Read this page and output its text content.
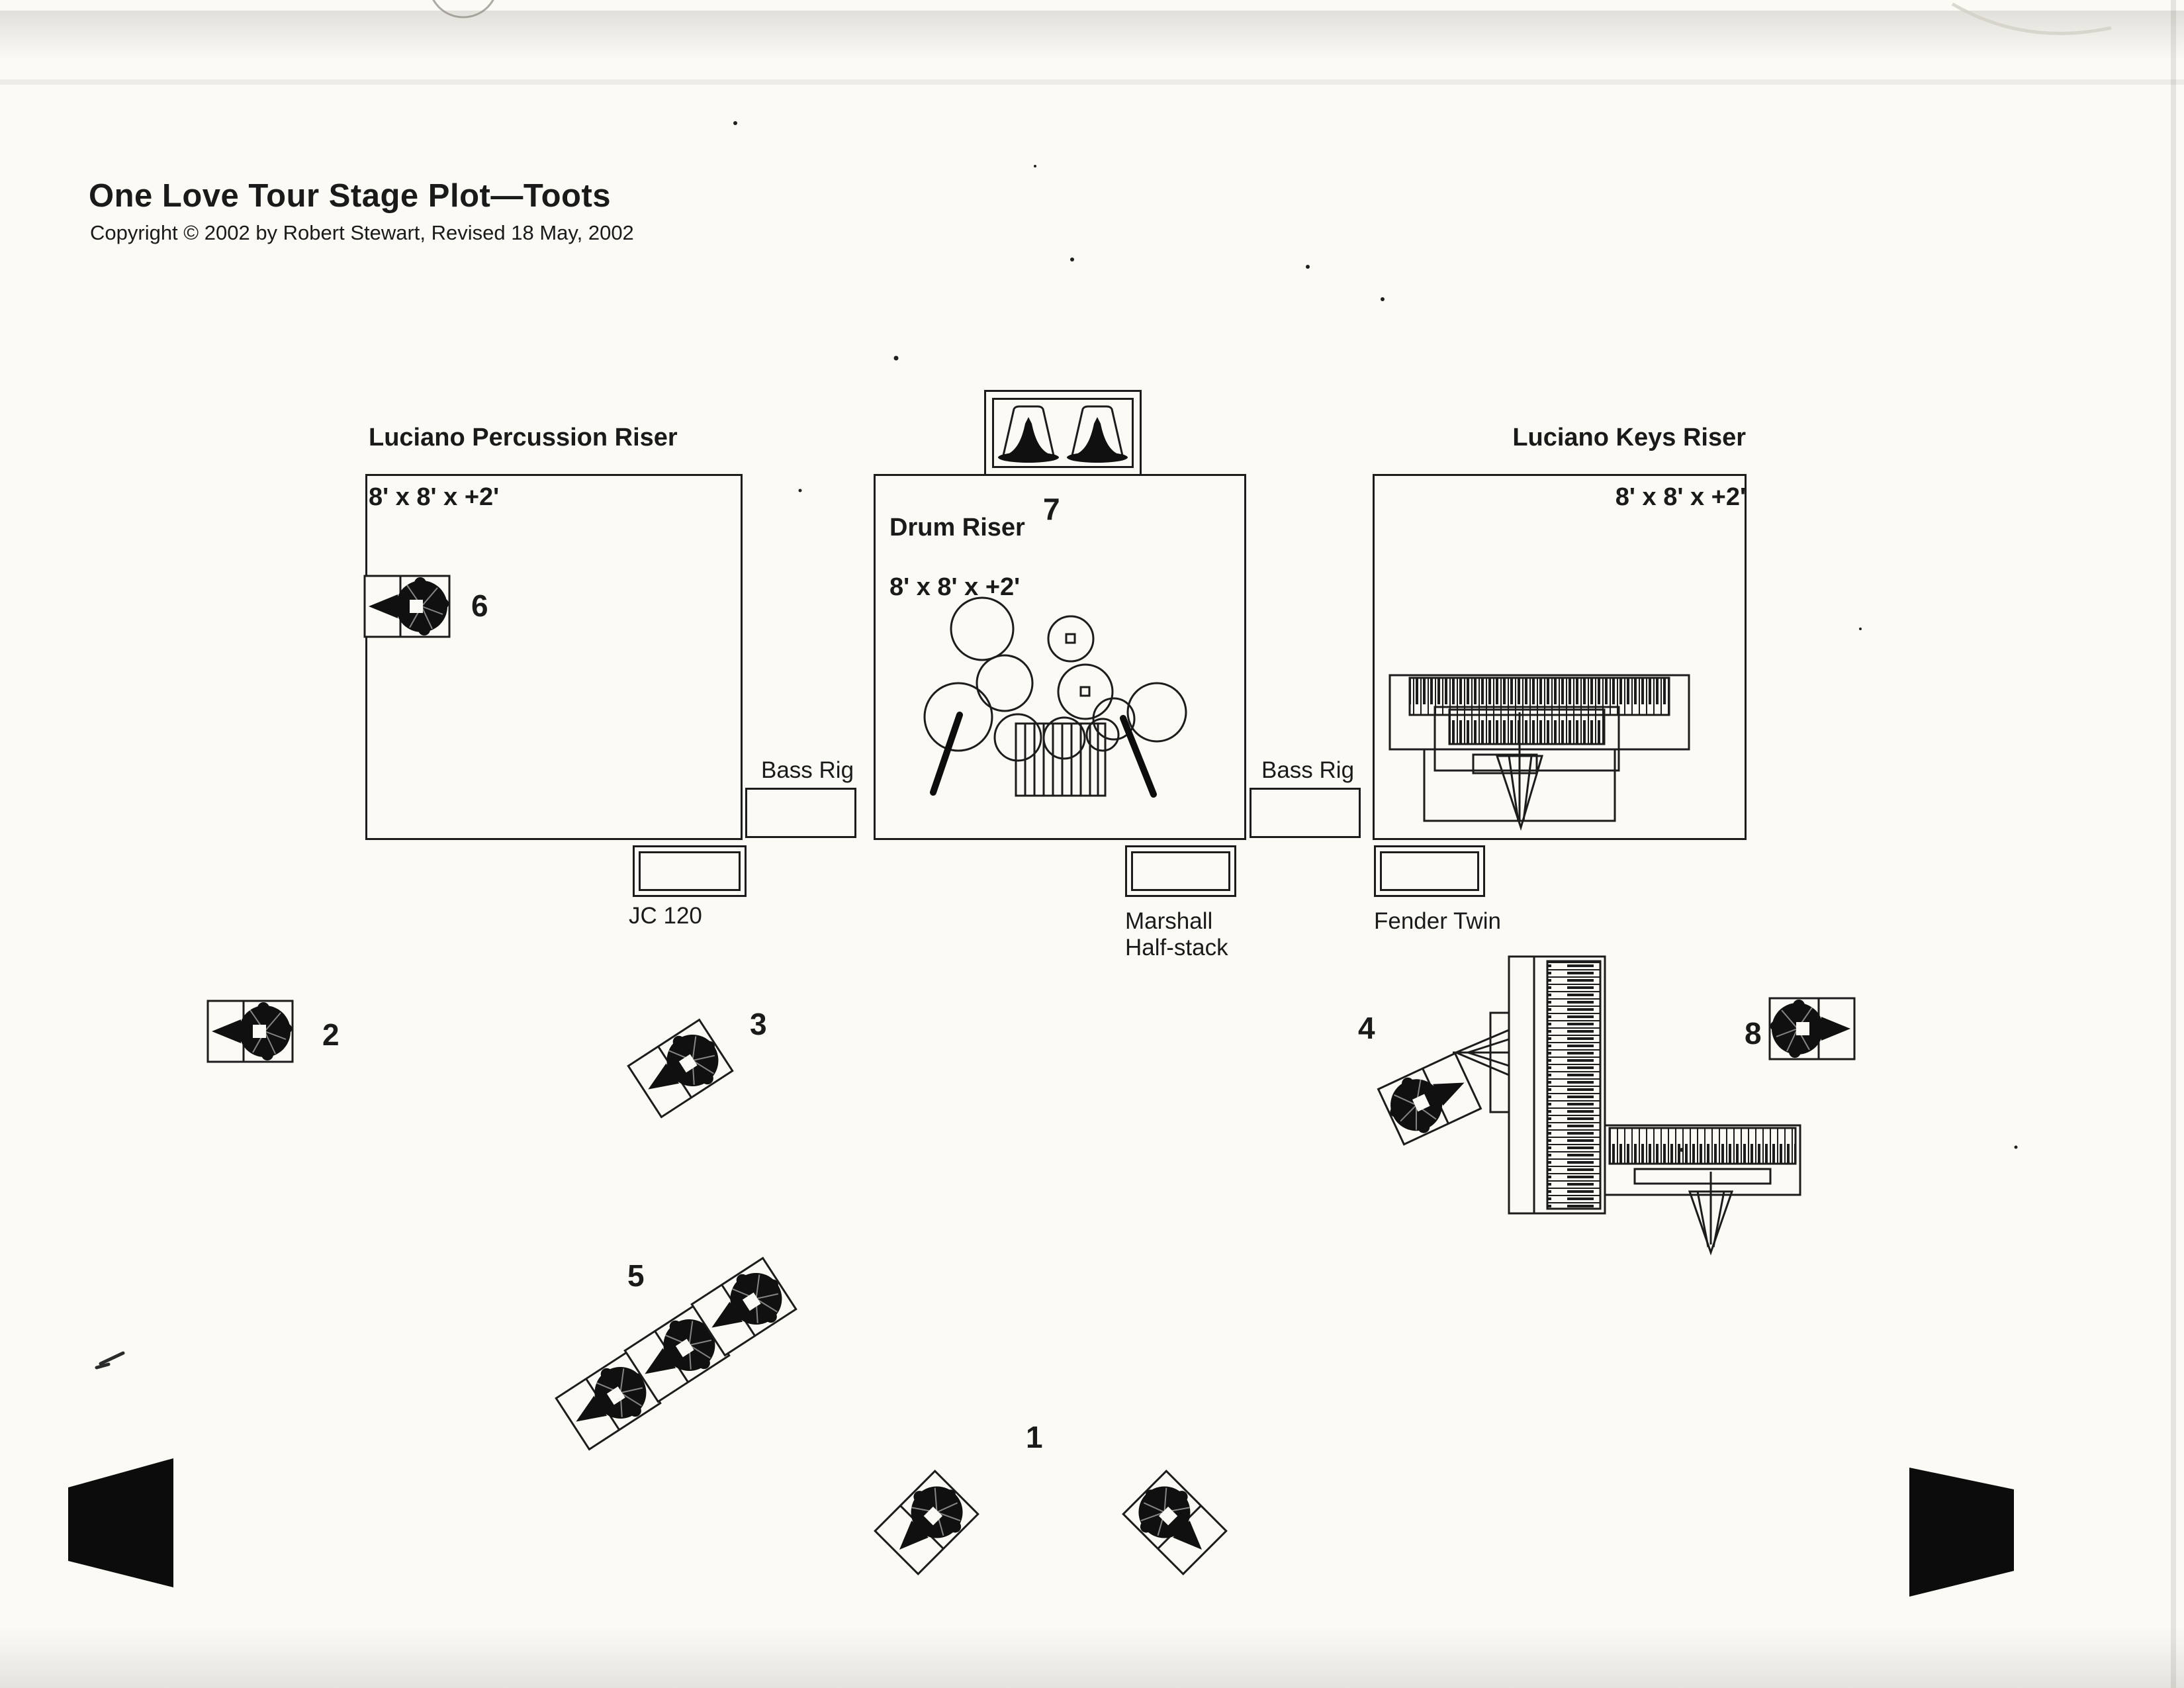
One Love Tour Stage Plot—Toots
Copyright © 2002 by Robert Stewart, Revised 18 May, 2002

Luciano Percussion Riser

8' x 8' x +2'

Luciano Keys Riser

8' x 8' x +2'

Drum Riser

8' x 8' x +2'

Bass Rig	Bass Rig
JC 120	Marshall
Half-stack
Fender Twin
1
2	3	4
5
6
7
8
